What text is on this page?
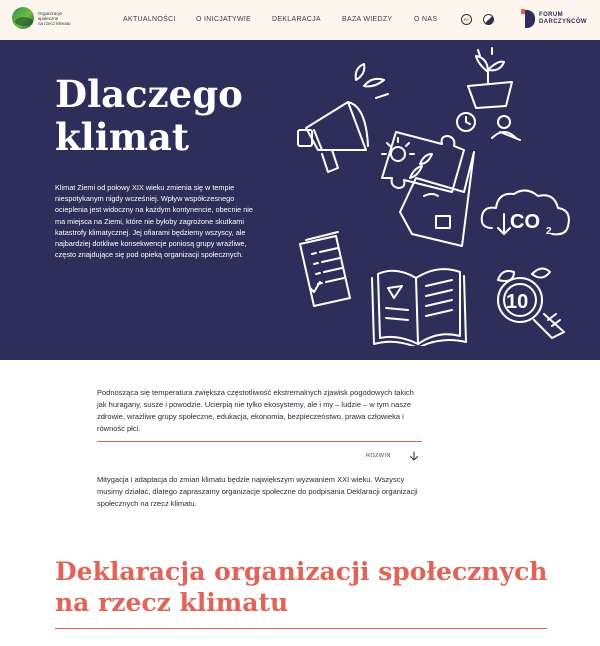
Organizacje
społeczne
na rzecz klimatu	AKTUALNOŚCI	O INICJATYWIE	DEKLARACJA	BAZA WIEDZY	O NAS	A+
FORUM
DARCZYŃCÓW
Dlaczego
klimat

Klimat Ziemi od połowy XIX wieku zmienia się w tempie niespotykanym nigdy wcześniej. Wpływ współczesnego ocieplenia jest widoczny na każdym kontynencie, obecnie nie ma miejsca na Ziemi, które nie byłoby zagrożone skutkami katastrofy klimatycznej. Jej ofiarami będziemy wszyscy, ale najbardziej dotkliwe konsekwencje poniosą grupy wrażliwe, często znajdujące się pod opieką organizacji społecznych.

CO 2
10

Podnosząca się temperatura zwiększa częstotliwość ekstremalnych zjawisk pogodowych takich jak huragany, susze i powodzie. Ucierpią nie tylko ekosystemy, ale i my – ludzie – w tym nasze zdrowie, wrażliwe grupy społeczne, edukacja, ekonomia, bezpieczeństwo, prawa człowieka i równość płci.

ROZWIŃ

Mitygacja i adaptacja do zmian klimatu będzie największym wyzwaniem XXI wieku. Wszyscy musimy działać, dlatego zapraszamy organizacje społeczne do podpisania Deklaracji organizacji społecznych na rzecz klimatu.

Deklaracja organizacji społecznych
na rzecz klimatu
